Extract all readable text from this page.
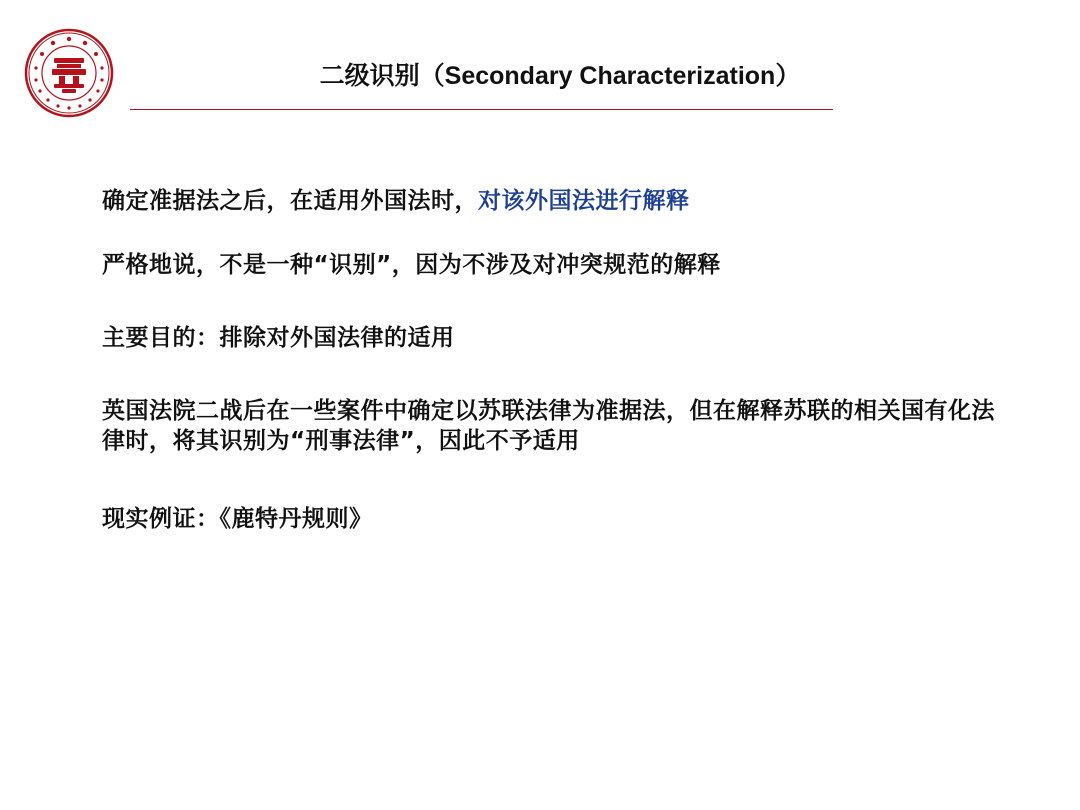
二级识别（Secondary Characterization）
确定准据法之后，在适用外国法时，对该外国法进行解释
严格地说，不是一种“识别”，因为不涉及对冲突规范的解释
主要目的：排除对外国法律的适用
英国法院二战后在一些案件中确定以苏联法律为准据法，但在解释苏联的相关国有化法律时，将其识别为“刑事法律”，因此不予适用
现实例证：《鹿特丹规则》
